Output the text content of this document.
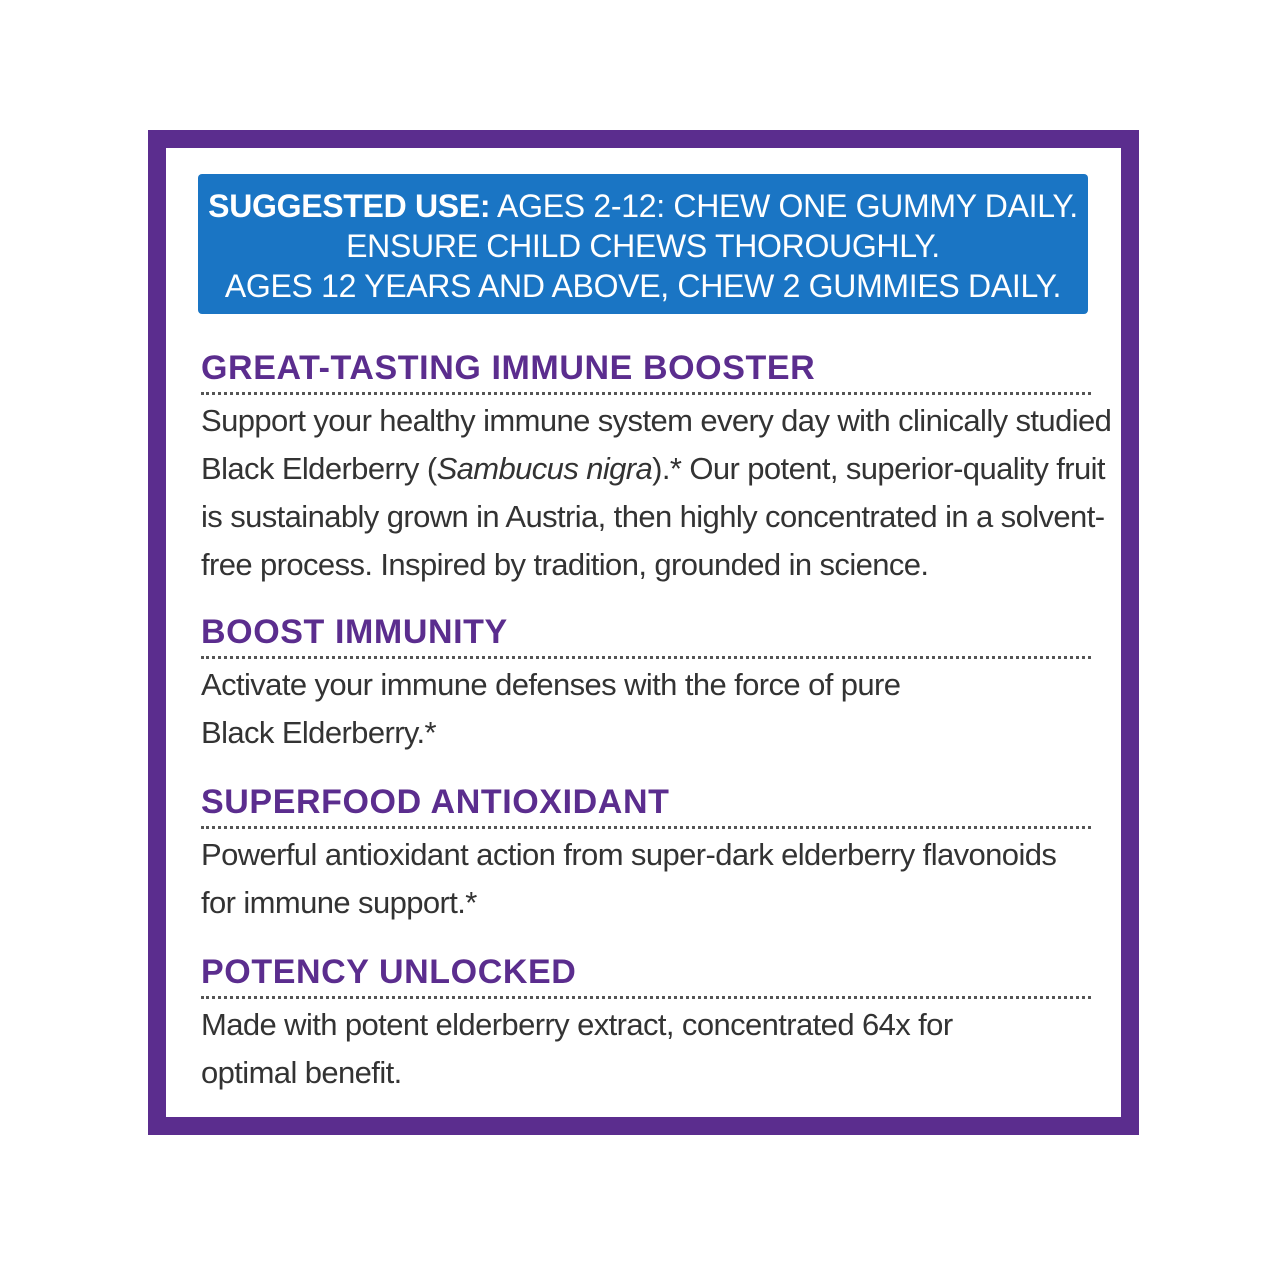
SUGGESTED USE: AGES 2-12: CHEW ONE GUMMY DAILY.
ENSURE CHILD CHEWS THOROUGHLY.
AGES 12 YEARS AND ABOVE, CHEW 2 GUMMIES DAILY.
GREAT-TASTING IMMUNE BOOSTER
Support your healthy immune system every day with clinically studied
Black Elderberry (Sambucus nigra).* Our potent, superior-quality fruit
is sustainably grown in Austria, then highly concentrated in a solvent-
free process. Inspired by tradition, grounded in science.
BOOST IMMUNITY
Activate your immune defenses with the force of pure
Black Elderberry.*
SUPERFOOD ANTIOXIDANT
Powerful antioxidant action from super-dark elderberry flavonoids
for immune support.*
POTENCY UNLOCKED
Made with potent elderberry extract, concentrated 64x for
optimal benefit.
